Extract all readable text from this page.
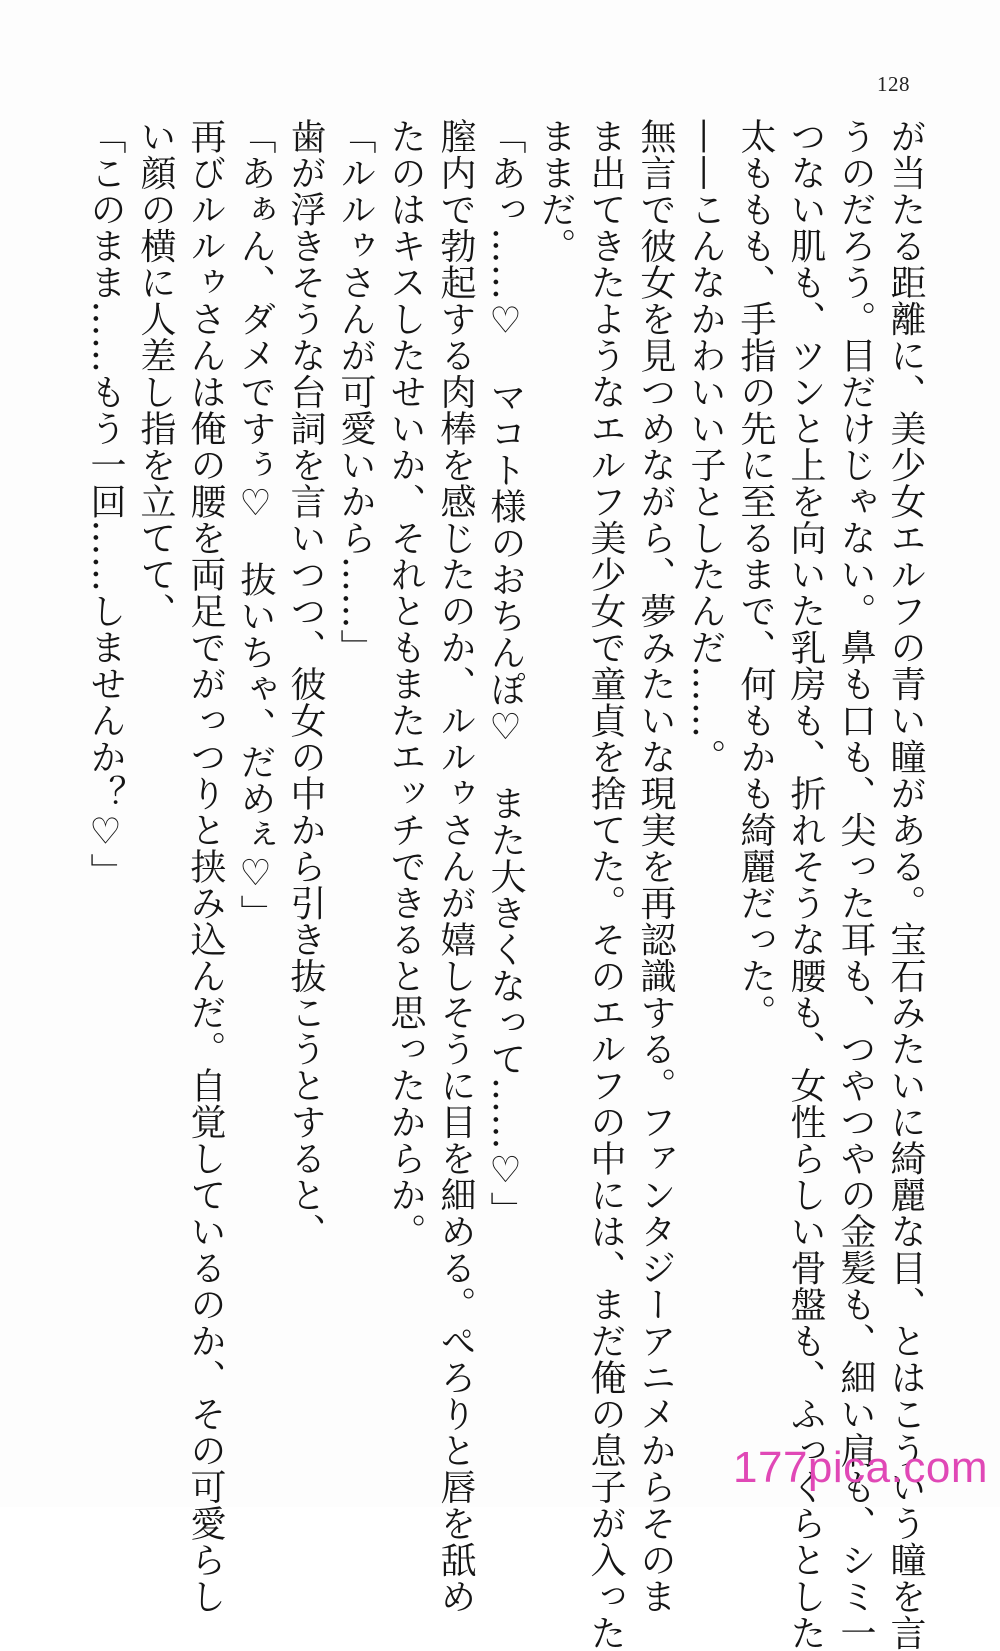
128
が当たる距離に、美少女エルフの青い瞳がある。宝石みたいに綺麗な目、とはこういう瞳を言
うのだろう。目だけじゃない。鼻も口も、尖った耳も、つやつやの金髪も、細い肩も、シミ一
つない肌も、ツンと上を向いた乳房も、折れそうな腰も、女性らしい骨盤も、ふっくらとした
太ももも、手指の先に至るまで、何もかも綺麗だった。
——こんなかわいい子としたんだ……。
無言で彼女を見つめながら、夢みたいな現実を再認識する。ファンタジーアニメからそのま
ま出てきたようなエルフ美少女で童貞を捨てた。そのエルフの中には、まだ俺の息子が入った
ままだ。
「あっ……♡　マコト様のおちんぽ♡　また大きくなって……♡」
膣内で勃起する肉棒を感じたのか、ルルゥさんが嬉しそうに目を細める。ぺろりと唇を舐め
たのはキスしたせいか、それともまたエッチできると思ったからか。
「ルルゥさんが可愛いから……」
歯が浮きそうな台詞を言いつつ、彼女の中から引き抜こうとすると、
「あぁん、ダメですぅ♡　抜いちゃ、だめぇ♡」
再びルルゥさんは俺の腰を両足でがっつりと挟み込んだ。自覚しているのか、その可愛らし
い顔の横に人差し指を立てて、
「このまま……もう一回……しませんか？♡」
177pica.com
